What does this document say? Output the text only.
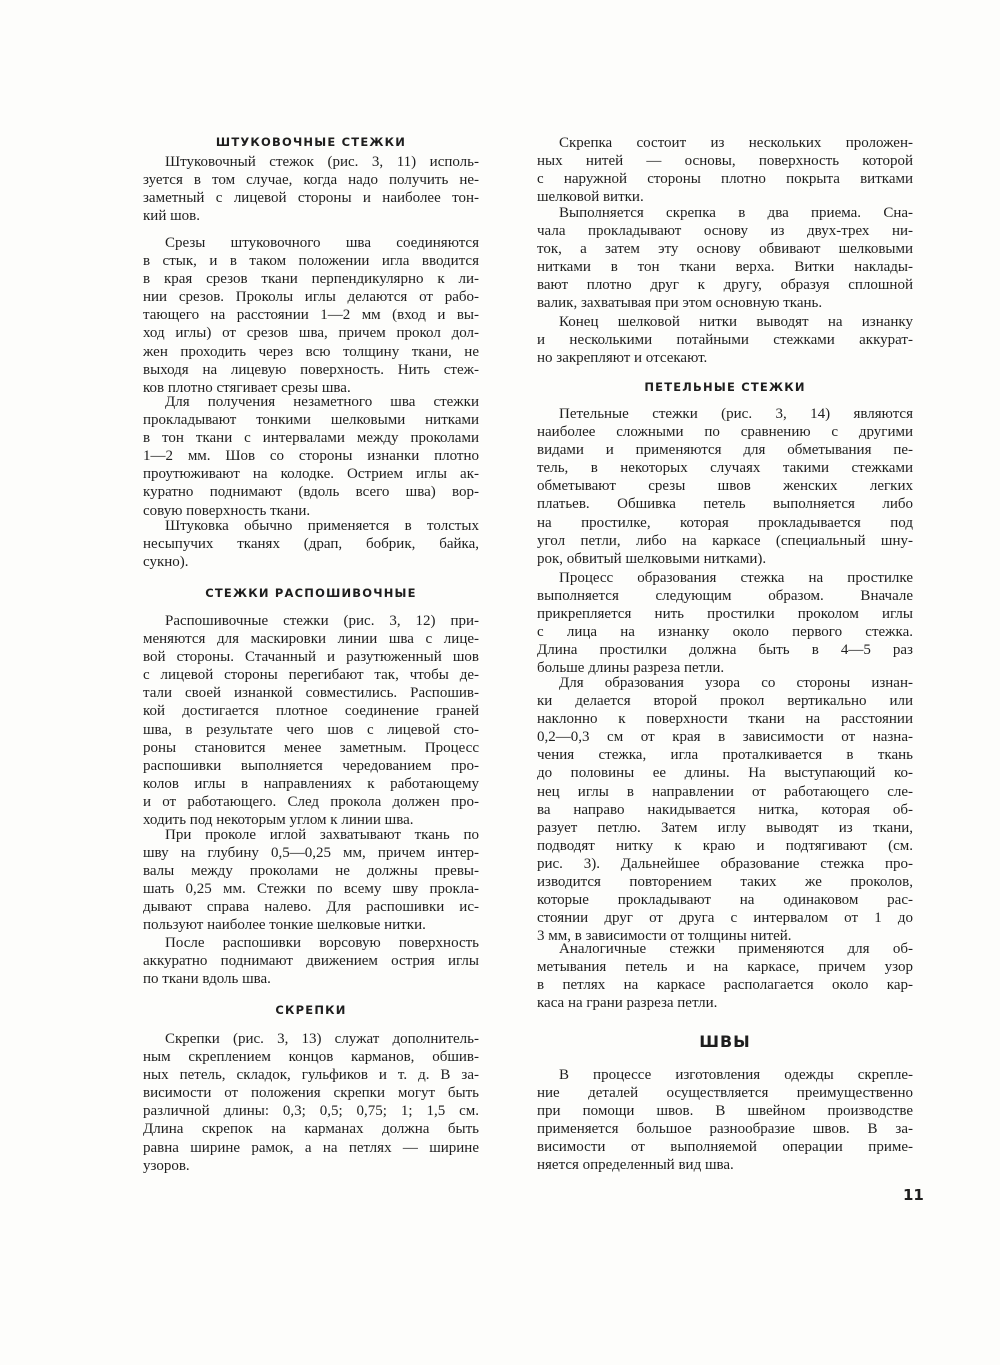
ШТУКОВОЧНЫЕ СТЕЖКИ
Штуковочный стежок (рис. 3, 11) исполь-
зуется в том случае, когда надо получить не-
заметный с лицевой стороны и наиболее тон-
кий шов.
Срезы штуковочного шва соединяются
в стык, и в таком положении игла вводится
в края срезов ткани перпендикулярно к ли-
нии срезов. Проколы иглы делаются от рабо-
тающего на расстоянии 1—2 мм (вход и вы-
ход иглы) от срезов шва, причем прокол дол-
жен проходить через всю толщину ткани, не
выходя на лицевую поверхность. Нить стеж-
ков плотно стягивает срезы шва.
Для получения незаметного шва стежки
прокладывают тонкими шелковыми нитками
в тон ткани с интервалами между проколами
1—2 мм. Шов со стороны изнанки плотно
проутюживают на колодке. Острием иглы ак-
куратно поднимают (вдоль всего шва) вор-
совую поверхность ткани.
Штуковка обычно применяется в толстых
несыпучих тканях (драп, бобрик, байка,
сукно).
СТЕЖКИ РАСПОШИВОЧНЫЕ
Распошивочные стежки (рис. 3, 12) при-
меняются для маскировки линии шва с лице-
вой стороны. Стачанный и разутюженный шов
с лицевой стороны перегибают так, чтобы де-
тали своей изнанкой совместились. Распошив-
кой достигается плотное соединение граней
шва, в результате чего шов с лицевой сто-
роны становится менее заметным. Процесс
распошивки выполняется чередованием про-
колов иглы в направлениях к работающему
и от работающего. След прокола должен про-
ходить под некоторым углом к линии шва.
При проколе иглой захватывают ткань по
шву на глубину 0,5—0,25 мм, причем интер-
валы между проколами не должны превы-
шать 0,25 мм. Стежки по всему шву прокла-
дывают справа налево. Для распошивки ис-
пользуют наиболее тонкие шелковые нитки.
После распошивки ворсовую поверхность
аккуратно поднимают движением острия иглы
по ткани вдоль шва.
СКРЕПКИ
Скрепки (рис. 3, 13) служат дополнитель-
ным скреплением концов карманов, обшив-
ных петель, складок, гульфиков и т. д. В за-
висимости от положения скрепки могут быть
различной длины: 0,3; 0,5; 0,75; 1; 1,5 см.
Длина скрепок на карманах должна быть
равна ширине рамок, а на петлях — ширине
узоров.
Скрепка состоит из нескольких проложен-
ных нитей — основы, поверхность которой
с наружной стороны плотно покрыта витками
шелковой витки.
Выполняется скрепка в два приема. Сна-
чала прокладывают основу из двух-трех ни-
ток, а затем эту основу обвивают шелковыми
нитками в тон ткани верха. Витки наклады-
вают плотно друг к другу, образуя сплошной
валик, захватывая при этом основную ткань.
Конец шелковой нитки выводят на изнанку
и несколькими потайными стежками аккурат-
но закрепляют и отсекают.
ПЕТЕЛЬНЫЕ СТЕЖКИ
Петельные стежки (рис. 3, 14) являются
наиболее сложными по сравнению с другими
видами и применяются для обметывания пе-
тель, в некоторых случаях такими стежками
обметывают срезы швов женских легких
платьев. Обшивка петель выполняется либо
на простилке, которая прокладывается под
угол петли, либо на каркасе (специальный шну-
рок, обвитый шелковыми нитками).
Процесс образования стежка на простилке
выполняется следующим образом. Вначале
прикрепляется нить простилки проколом иглы
с лица на изнанку около первого стежка.
Длина простилки должна быть в 4—5 раз
больше длины разреза петли.
Для образования узора со стороны изнан-
ки делается второй прокол вертикально или
наклонно к поверхности ткани на расстоянии
0,2—0,3 см от края в зависимости от назна-
чения стежка, игла проталкивается в ткань
до половины ее длины. На выступающий ко-
нец иглы в направлении от работающего сле-
ва направо накидывается нитка, которая об-
разует петлю. Затем иглу выводят из ткани,
подводят нитку к краю и подтягивают (см.
рис. 3). Дальнейшее образование стежка про-
изводится повторением таких же проколов,
которые прокладывают на одинаковом рас-
стоянии друг от друга с интервалом от 1 до
3 мм, в зависимости от толщины нитей.
Аналогичные стежки применяются для об-
метывания петель и на каркасе, причем узор
в петлях на каркасе располагается около кар-
каса на грани разреза петли.
ШВЫ
В процессе изготовления одежды скрепле-
ние деталей осуществляется преимущественно
при помощи швов. В швейном производстве
применяется большое разнообразие швов. В за-
висимости от выполняемой операции приме-
няется определенный вид шва.
11
